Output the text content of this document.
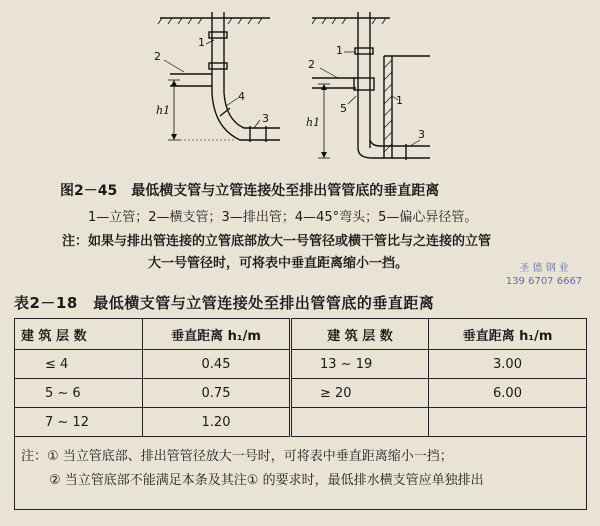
1
2
4
3
h1
1
2
5
1
3
h1
图2－45　最低横支管与立管连接处至排出管管底的垂直距离
1—立管；2—横支管；3—排出管；4—45°弯头；5—偏心异径管。
注：如果与排出管连接的立管底部放大一号管径或横干管比与之连接的立管
大一号管径时，可将表中垂直距离缩小一挡。	圣 德 钢 业
139 6707 6667
表2－18　最低横支管与立管连接处至排出管管底的垂直距离
建 筑 层 数	垂直距离 h₁/m	建 筑 层 数	垂直距离 h₁/m
≤ 4	0.45	13 ~ 19	3.00
5 ~ 6	0.75	≥ 20	6.00
7 ~ 12	1.20		

注：① 当立管底部、排出管管径放大一号时，可将表中垂直距离缩小一挡；
② 当立管底部不能满足本条及其注① 的要求时，最低排水横支管应单独排出			
